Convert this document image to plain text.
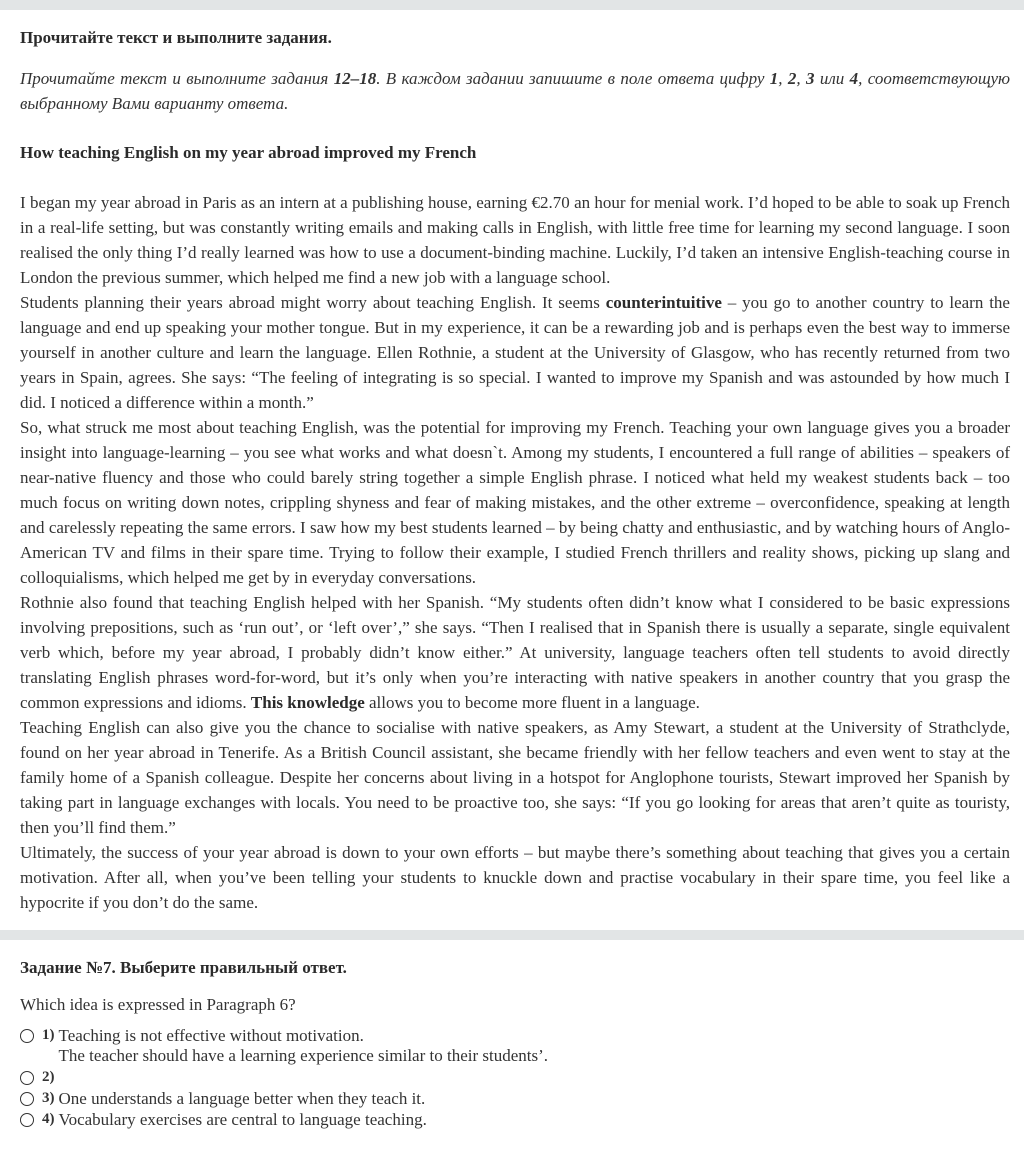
Прочитайте текст и выполните задания.
Прочитайте текст и выполните задания 12–18. В каждом задании запишите в поле ответа цифру 1, 2, 3 или 4, соответствующую выбранному Вами варианту ответа.
How teaching English on my year abroad improved my French

I began my year abroad in Paris as an intern at a publishing house, earning €2.70 an hour for menial work. I’d hoped to be able to soak up French in a real-life setting, but was constantly writing emails and making calls in English, with little free time for learning my second language. I soon realised the only thing I’d really learned was how to use a document-binding machine. Luckily, I’d taken an intensive English-teaching course in London the previous summer, which helped me find a new job with a language school.

Students planning their years abroad might worry about teaching English. It seems counterintuitive – you go to another country to learn the language and end up speaking your mother tongue. But in my experience, it can be a rewarding job and is perhaps even the best way to immerse yourself in another culture and learn the language. Ellen Rothnie, a student at the University of Glasgow, who has recently returned from two years in Spain, agrees. She says: “The feeling of integrating is so special. I wanted to improve my Spanish and was astounded by how much I did. I noticed a difference within a month.”

So, what struck me most about teaching English, was the potential for improving my French. Teaching your own language gives you a broader insight into language-learning – you see what works and what doesn`t. Among my students, I encountered a full range of abilities – speakers of near-native fluency and those who could barely string together a simple English phrase. I noticed what held my weakest students back – too much focus on writing down notes, crippling shyness and fear of making mistakes, and the other extreme – overconfidence, speaking at length and carelessly repeating the same errors. I saw how my best students learned – by being chatty and enthusiastic, and by watching hours of Anglo-American TV and films in their spare time. Trying to follow their example, I studied French thrillers and reality shows, picking up slang and colloquialisms, which helped me get by in everyday conversations.

Rothnie also found that teaching English helped with her Spanish. “My students often didn’t know what I considered to be basic expressions involving prepositions, such as ‘run out’, or ‘left over’,” she says. “Then I realised that in Spanish there is usually a separate, single equivalent verb which, before my year abroad, I probably didn’t know either.” At university, language teachers often tell students to avoid directly translating English phrases word-for-word, but it’s only when you’re interacting with native speakers in another country that you grasp the common expressions and idioms. This knowledge allows you to become more fluent in a language.

Teaching English can also give you the chance to socialise with native speakers, as Amy Stewart, a student at the University of Strathclyde, found on her year abroad in Tenerife. As a British Council assistant, she became friendly with her fellow teachers and even went to stay at the family home of a Spanish colleague. Despite her concerns about living in a hotspot for Anglophone tourists, Stewart improved her Spanish by taking part in language exchanges with locals. You need to be proactive too, she says: “If you go looking for areas that aren’t quite as touristy, then you’ll find them.”

Ultimately, the success of your year abroad is down to your own efforts – but maybe there’s something about teaching that gives you a certain motivation. After all, when you’ve been telling your students to knuckle down and practise vocabulary in their spare time, you feel like a hypocrite if you don’t do the same.

Задание №7. Выберите правильный ответ.
Which idea is expressed in Paragraph 6?
1) Teaching is not effective without motivation.
2)
The teacher should have a learning experience similar to their students’.
3) One understands a language better when they teach it.
4) Vocabulary exercises are central to language teaching.
